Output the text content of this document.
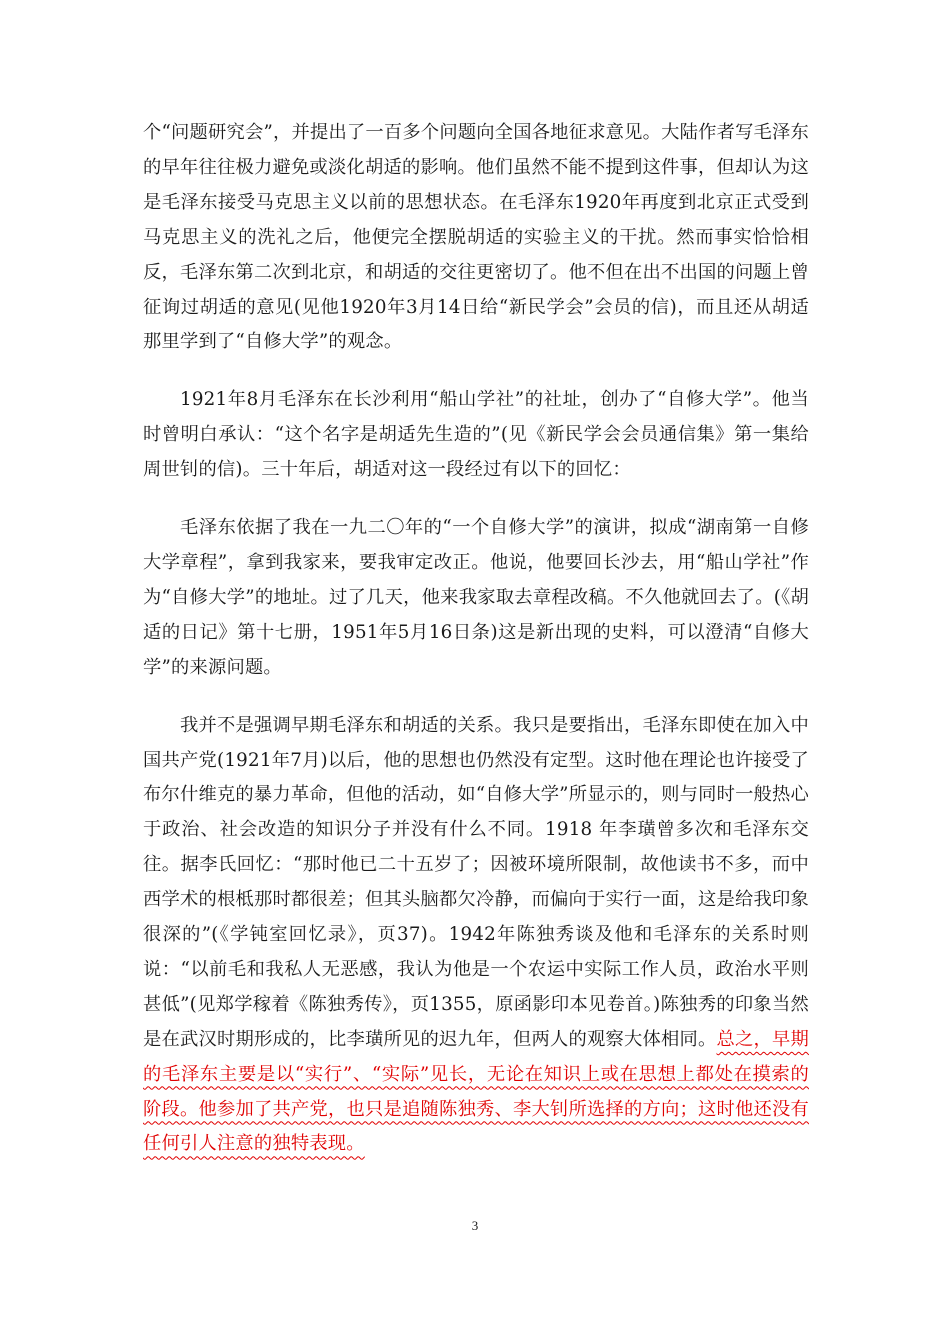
个“问题研究会”，并提出了一百多个问题向全国各地征求意见。大陆作者写毛泽东的早年往往极力避免或淡化胡适的影响。他们虽然不能不提到这件事，但却认为这是毛泽东接受马克思主义以前的思想状态。在毛泽东1920年再度到北京正式受到马克思主义的洗礼之后，他便完全摆脱胡适的实验主义的干扰。然而事实恰恰相反，毛泽东第二次到北京，和胡适的交往更密切了。他不但在出不出国的问题上曾征询过胡适的意见(见他1920年3月14日给“新民学会”会员的信)，而且还从胡适那里学到了“自修大学”的观念。

1921年8月毛泽东在长沙利用“船山学社”的社址，创办了“自修大学”。他当时曾明白承认：“这个名字是胡适先生造的”(见《新民学会会员通信集》第一集给周世钊的信)。三十年后，胡适对这一段经过有以下的回忆：

毛泽东依据了我在一九二〇年的“一个自修大学”的演讲，拟成“湖南第一自修大学章程”，拿到我家来，要我审定改正。他说，他要回长沙去，用“船山学社”作为“自修大学”的地址。过了几天，他来我家取去章程改稿。不久他就回去了。(《胡适的日记》第十七册，1951年5月16日条)这是新出现的史料，可以澄清“自修大学”的来源问题。

我并不是强调早期毛泽东和胡适的关系。我只是要指出，毛泽东即使在加入中国共产党(1921年7月)以后，他的思想也仍然没有定型。这时他在理论也许接受了布尔什维克的暴力革命，但他的活动，如“自修大学”所显示的，则与同时一般热心于政治、社会改造的知识分子并没有什么不同。1918 年李璜曾多次和毛泽东交往。据李氏回忆：“那时他已二十五岁了；因被环境所限制，故他读书不多，而中西学术的根柢那时都很差；但其头脑都欠冷静，而偏向于实行一面，这是给我印象很深的”(《学钝室回忆录》，页37)。1942年陈独秀谈及他和毛泽东的关系时则说：“以前毛和我私人无恶感，我认为他是一个农运中实际工作人员，政治水平则甚低”(见郑学稼着《陈独秀传》，页1355，原函影印本见卷首。)陈独秀的印象当然是在武汉时期形成的，比李璜所见的迟九年，但两人的观察大体相同。总之，早期的毛泽东主要是以“实行”、“实际”见长，无论在知识上或在思想上都处在摸索的阶段。他参加了共产党，也只是追随陈独秀、李大钊所选择的方向；这时他还没有任何引人注意的独特表现。

3
